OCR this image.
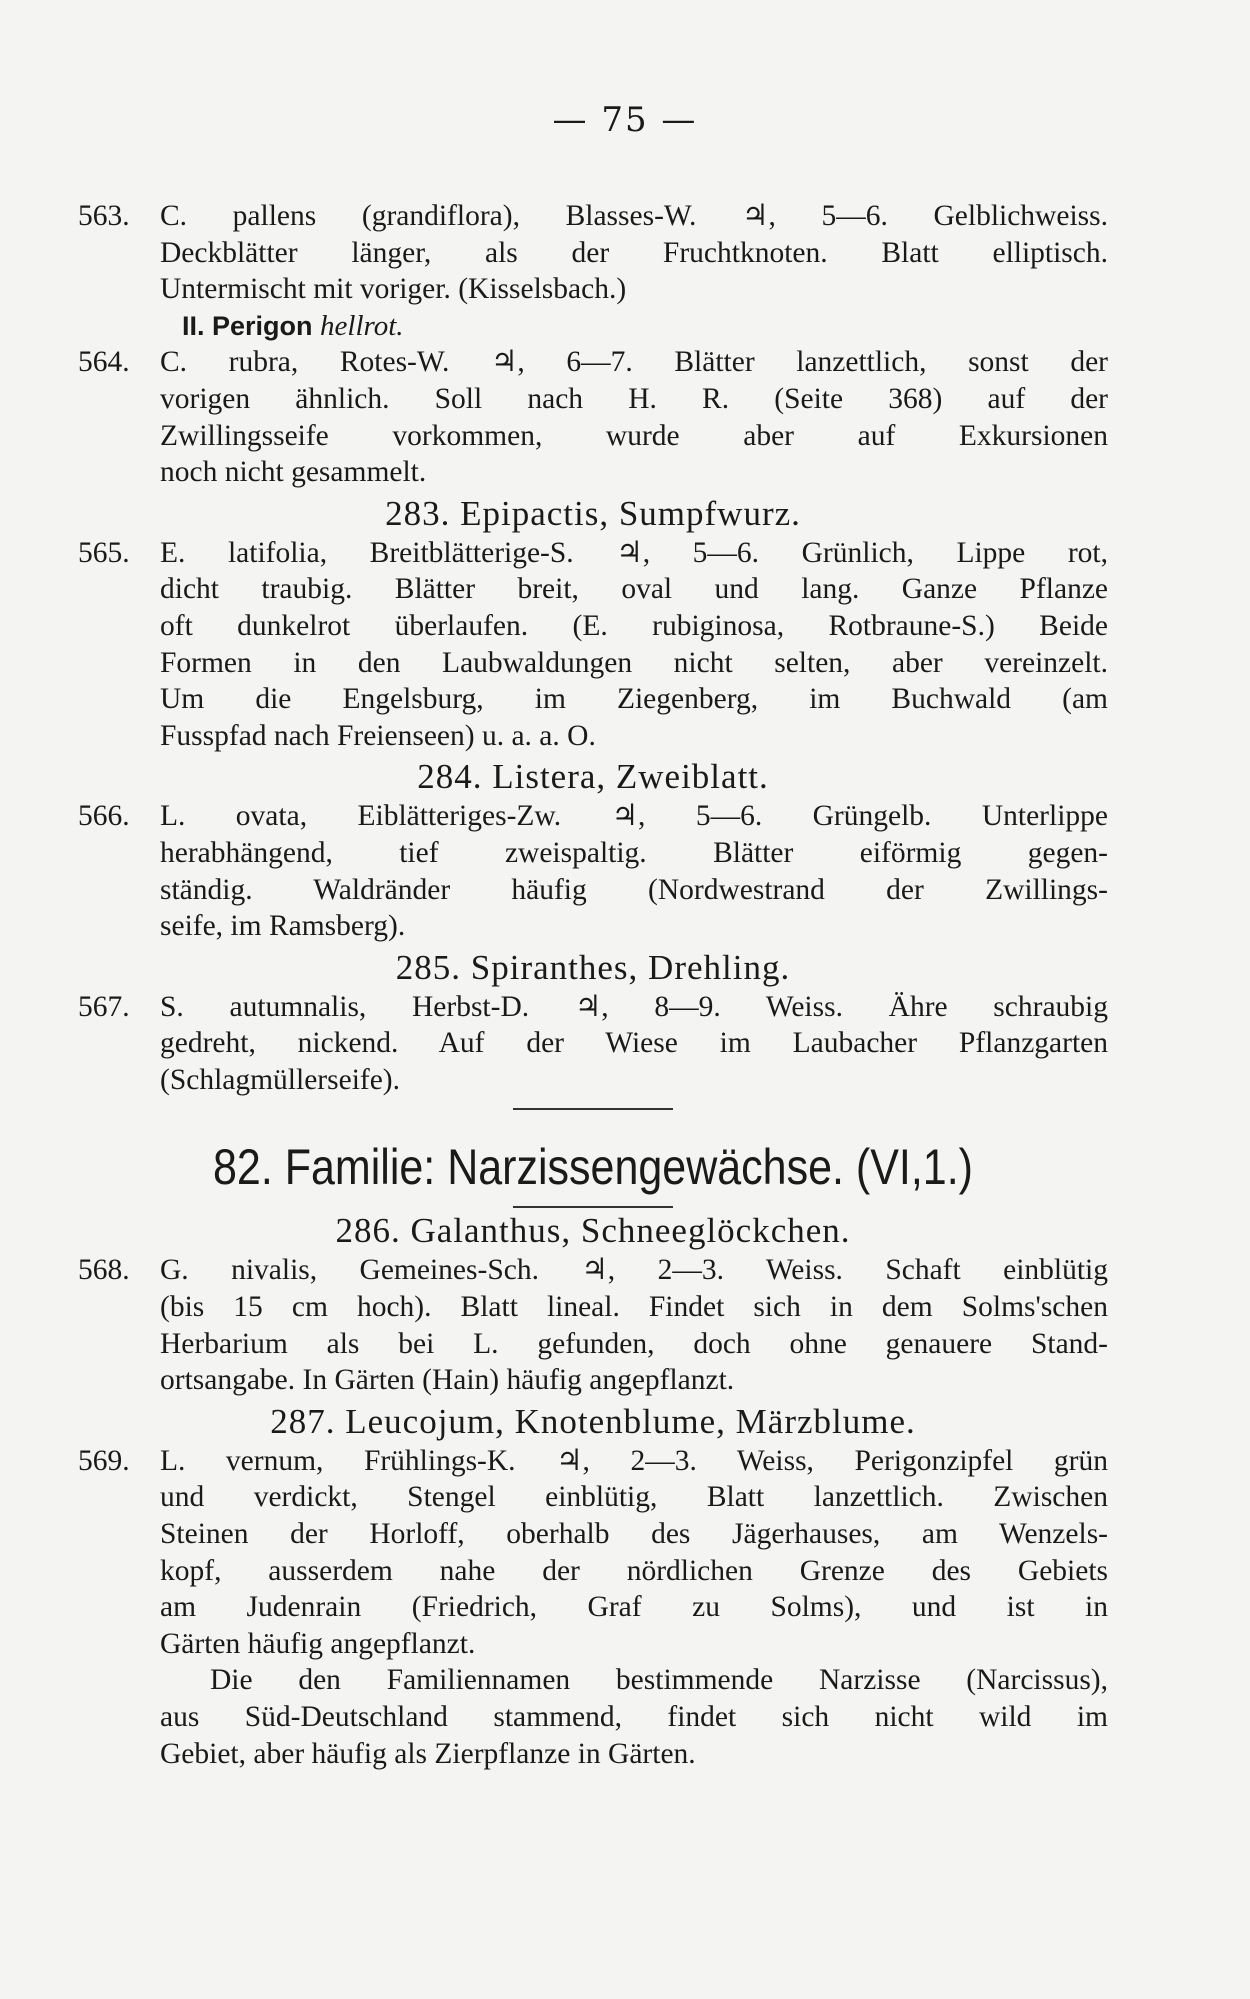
— 75 —
563. C. pallens (grandiflora), Blasses-W. ♃, 5—6. Gelblichweiss.

Deckblätter länger, als der Fruchtknoten. Blatt elliptisch.

Untermischt mit voriger. (Kisselsbach.)

II. Perigon hellrot.
564. C. rubra, Rotes-W. ♃, 6—7. Blätter lanzettlich, sonst der

vorigen ähnlich. Soll nach H. R. (Seite 368) auf der

Zwillingsseife vorkommen, wurde aber auf Exkursionen

noch nicht gesammelt.

283. Epipactis, Sumpfwurz.
565. E. latifolia, Breitblätterige-S. ♃, 5—6. Grünlich, Lippe rot,

dicht traubig. Blätter breit, oval und lang. Ganze Pflanze

oft dunkelrot überlaufen. (E. rubiginosa, Rotbraune-S.) Beide

Formen in den Laubwaldungen nicht selten, aber vereinzelt.

Um die Engelsburg, im Ziegenberg, im Buchwald (am

Fusspfad nach Freienseen) u. a. a. O.

284. Listera, Zweiblatt.
566. L. ovata, Eiblätteriges-Zw. ♃, 5—6. Grüngelb. Unterlippe

herabhängend, tief zweispaltig. Blätter eiförmig gegen-

ständig. Waldränder häufig (Nordwestrand der Zwillings-

seife, im Ramsberg).

285. Spiranthes, Drehling.
567. S. autumnalis, Herbst-D. ♃, 8—9. Weiss. Ähre schraubig

gedreht, nickend. Auf der Wiese im Laubacher Pflanzgarten

(Schlagmüllerseife).

82. Familie: Narzissengewächse. (VI,1.)
286. Galanthus, Schneeglöckchen.
568. G. nivalis, Gemeines-Sch. ♃, 2—3. Weiss. Schaft einblütig

(bis 15 cm hoch). Blatt lineal. Findet sich in dem Solms'schen

Herbarium als bei L. gefunden, doch ohne genauere Stand-

ortsangabe. In Gärten (Hain) häufig angepflanzt.

287. Leucojum, Knotenblume, Märzblume.
569. L. vernum, Frühlings-K. ♃, 2—3. Weiss, Perigonzipfel grün

und verdickt, Stengel einblütig, Blatt lanzettlich. Zwischen

Steinen der Horloff, oberhalb des Jägerhauses, am Wenzels-

kopf, ausserdem nahe der nördlichen Grenze des Gebiets

am Judenrain (Friedrich, Graf zu Solms), und ist in

Gärten häufig angepflanzt.

Die den Familiennamen bestimmende Narzisse (Narcissus),
aus Süd-Deutschland stammend, findet sich nicht wild im
Gebiet, aber häufig als Zierpflanze in Gärten.
